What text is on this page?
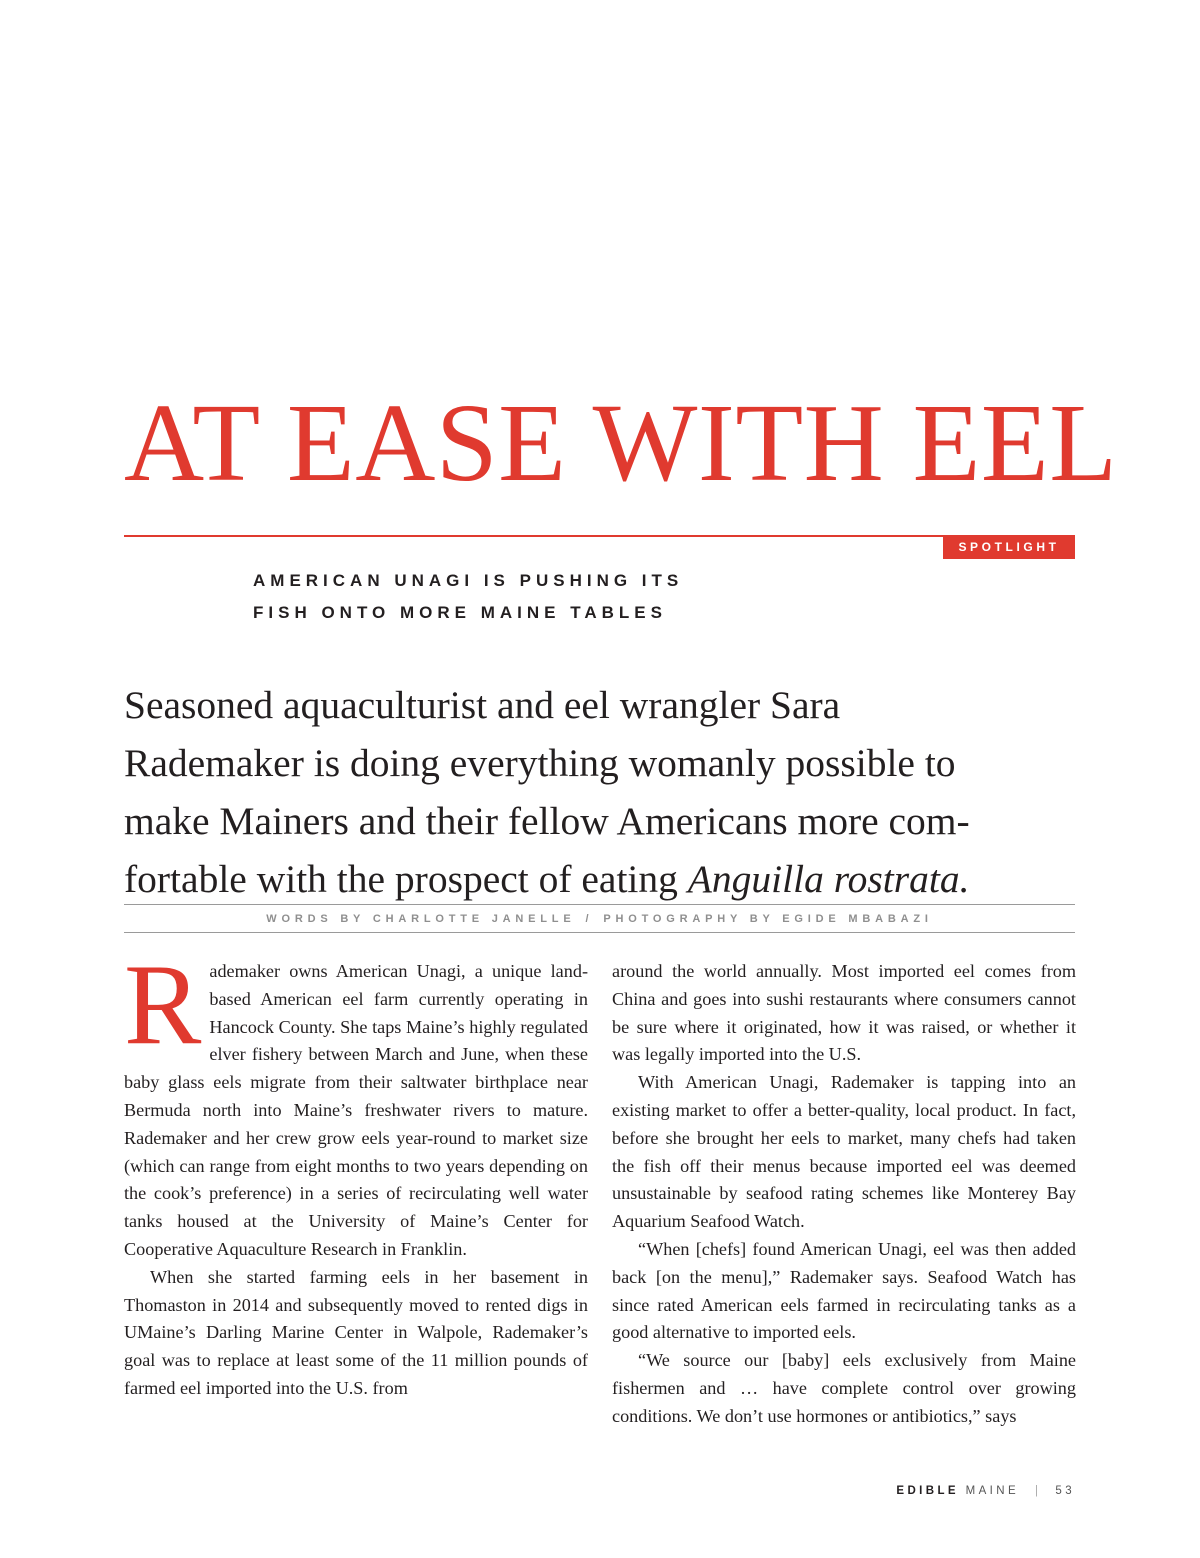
AT EASE WITH EEL
SPOTLIGHT
AMERICAN UNAGI IS PUSHING ITS
FISH ONTO MORE MAINE TABLES
Seasoned aquaculturist and eel wrangler Sara
Rademaker is doing everything womanly possible to
make Mainers and their fellow Americans more com-
fortable with the prospect of eating Anguilla rostrata.
WORDS BY CHARLOTTE JANELLE / PHOTOGRAPHY BY EGIDE MBABAZI

Rademaker owns American Unagi, a unique land-based American eel farm currently operating in Hancock County. She taps Maine’s highly regulated elver fishery between March and June, when these baby glass eels migrate from their saltwater birthplace near Bermuda north into Maine’s freshwater rivers to mature. Rademaker and her crew grow eels year-round to market size (which can range from eight months to two years depending on the cook’s preference) in a series of recirculating well water tanks housed at the University of Maine’s Center for Cooperative Aquaculture Research in Franklin.

When she started farming eels in her basement in Thomaston in 2014 and subsequently moved to rented digs in UMaine’s Darling Marine Center in Walpole, Rademaker’s goal was to replace at least some of the 11 million pounds of farmed eel imported into the U.S. from

around the world annually. Most imported eel comes from China and goes into sushi restaurants where consumers cannot be sure where it originated, how it was raised, or whether it was legally imported into the U.S.

With American Unagi, Rademaker is tapping into an existing market to offer a better-quality, local product. In fact, before she brought her eels to market, many chefs had taken the fish off their menus because imported eel was deemed unsustainable by seafood rating schemes like Monterey Bay Aquarium Seafood Watch.

“When [chefs] found American Unagi, eel was then added back [on the menu],” Rademaker says. Seafood Watch has since rated American eels farmed in recirculating tanks as a good alternative to imported eels.

“We source our [baby] eels exclusively from Maine fishermen and … have complete control over growing conditions. We don’t use hormones or antibiotics,” says

EDIBLE MAINE | 53
